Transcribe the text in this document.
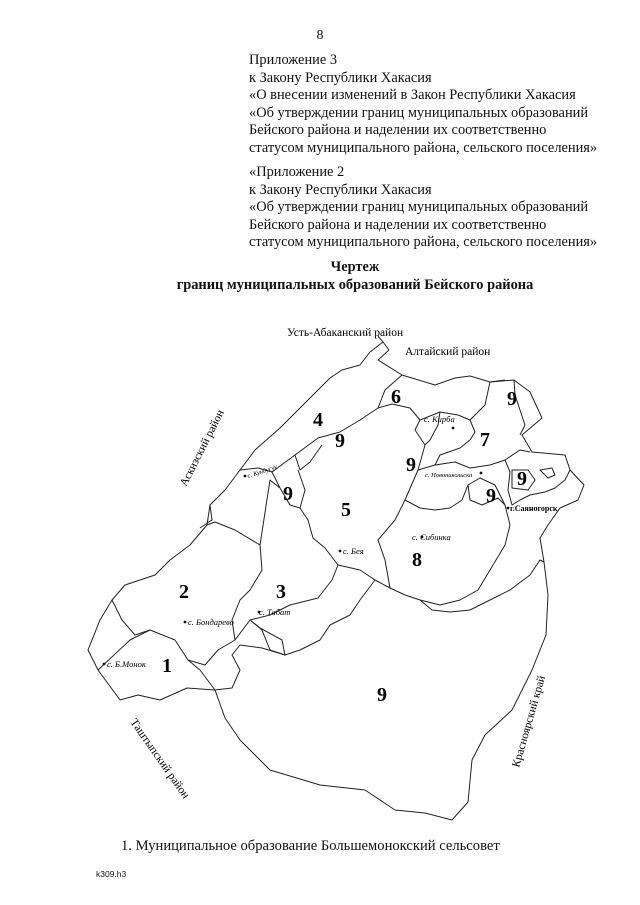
8
Приложение 3
к Закону Республики Хакасия
«О внесении изменений в Закон Республики Хакасия
«Об утверждении границ муниципальных образований
Бейского района и наделении их соответственно
статусом муниципального района, сельского поселения»
«Приложение 2
к Закону Республики Хакасия
«Об утверждении границ муниципальных образований
Бейского района и наделении их соответственно
статусом муниципального района, сельского поселения»
Чертеж
границ муниципальных образований Бейского района
Усть-Абаканский район
Алтайский район
Аскизский район
Таштыпский район	Красноярский край
1
2	3
4
5
6
7
8
9
9
9
9
9	9
9
с. Кирба
с. Новоникольска
с. Кундусук
с. Бея
с. Сибинка
г.Саяногорск
с. Табат
с. Бондарево
с. Б.Монок
1. Муниципальное образование Большемонокский сельсовет
k309.h3
